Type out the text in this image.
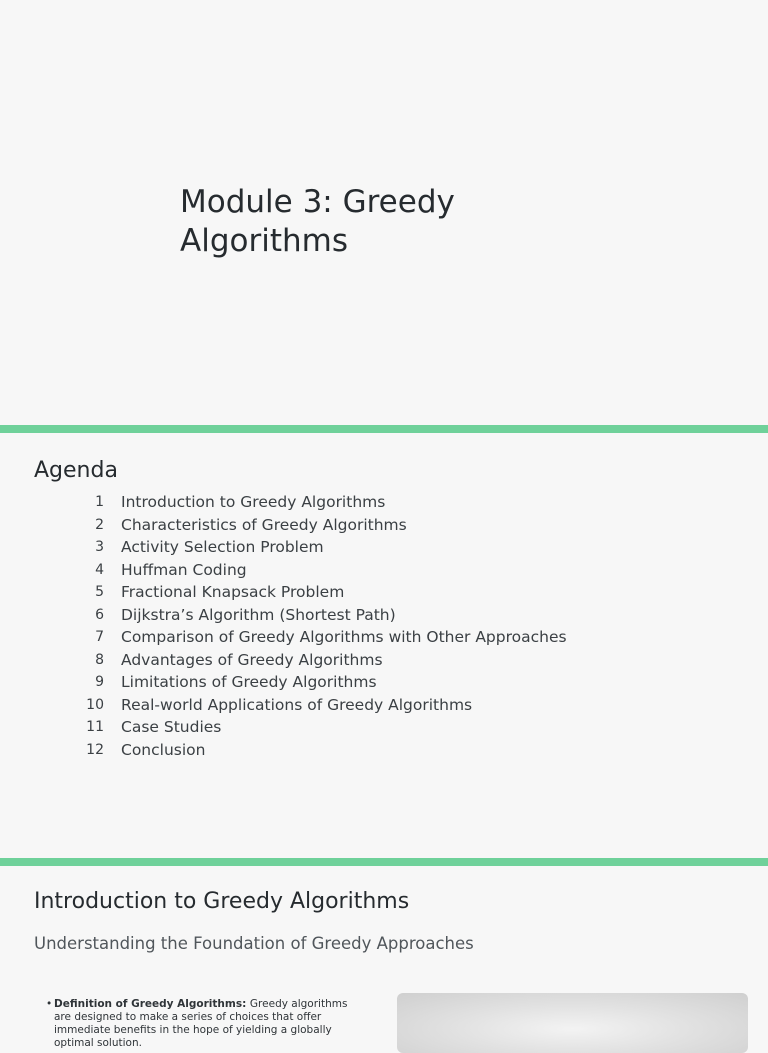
Module 3: Greedy Algorithms
Agenda
1 Introduction to Greedy Algorithms
2 Characteristics of Greedy Algorithms
3 Activity Selection Problem
4 Huffman Coding
5 Fractional Knapsack Problem
6 Dijkstra’s Algorithm (Shortest Path)
7 Comparison of Greedy Algorithms with Other Approaches
8 Advantages of Greedy Algorithms
9 Limitations of Greedy Algorithms
10 Real-world Applications of Greedy Algorithms
11 Case Studies
12 Conclusion
Introduction to Greedy Algorithms
Understanding the Foundation of Greedy Approaches
• Definition of Greedy Algorithms: Greedy algorithms are designed to make a series of choices that offer immediate benefits in the hope of yielding a globally optimal solution.
